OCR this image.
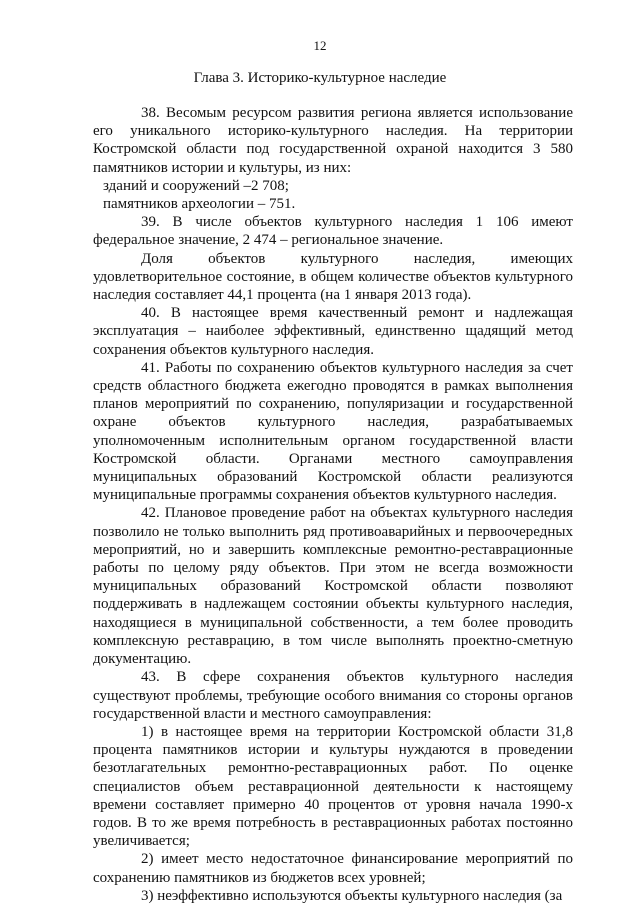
12
Глава 3. Историко-культурное наследие

38. Весомым ресурсом развития региона является использование его уникального историко-культурного наследия. На территории Костромской области под государственной охраной находится 3 580 памятников истории и культуры, из них:

зданий и сооружений –2 708;

памятников археологии – 751.

39. В числе объектов культурного наследия 1 106 имеют федеральное значение, 2 474 – региональное значение.

Доля объектов культурного наследия, имеющих удовлетворительное состояние, в общем количестве объектов культурного наследия составляет 44,1 процента (на 1 января 2013 года).

40. В настоящее время качественный ремонт и надлежащая эксплуатация – наиболее эффективный, единственно щадящий метод сохранения объектов культурного наследия.

41. Работы по сохранению объектов культурного наследия за счет средств областного бюджета ежегодно проводятся в рамках выполнения планов мероприятий по сохранению, популяризации и государственной охране объектов культурного наследия, разрабатываемых уполномоченным исполнительным органом государственной власти Костромской области. Органами местного самоуправления муниципальных образований Костромской области реализуются муниципальные программы сохранения объектов культурного наследия.

42. Плановое проведение работ на объектах культурного наследия позволило не только выполнить ряд противоаварийных и первоочередных мероприятий, но и завершить комплексные ремонтно-реставрационные работы по целому ряду объектов. При этом не всегда возможности муниципальных образований Костромской области позволяют поддерживать в надлежащем состоянии объекты культурного наследия, находящиеся в муниципальной собственности, а тем более проводить комплексную реставрацию, в том числе выполнять проектно-сметную документацию.

43. В сфере сохранения объектов культурного наследия существуют проблемы, требующие особого внимания со стороны органов государственной власти и местного самоуправления:

1) в настоящее время на территории Костромской области 31,8 процента памятников истории и культуры нуждаются в проведении безотлагательных ремонтно-реставрационных работ. По оценке специалистов объем реставрационной деятельности к настоящему времени составляет примерно 40 процентов от уровня начала 1990-х годов. В то же время потребность в реставрационных работах постоянно увеличивается;

2) имеет место недостаточное финансирование мероприятий по сохранению памятников из бюджетов всех уровней;

3) неэффективно используются объекты культурного наследия (за
